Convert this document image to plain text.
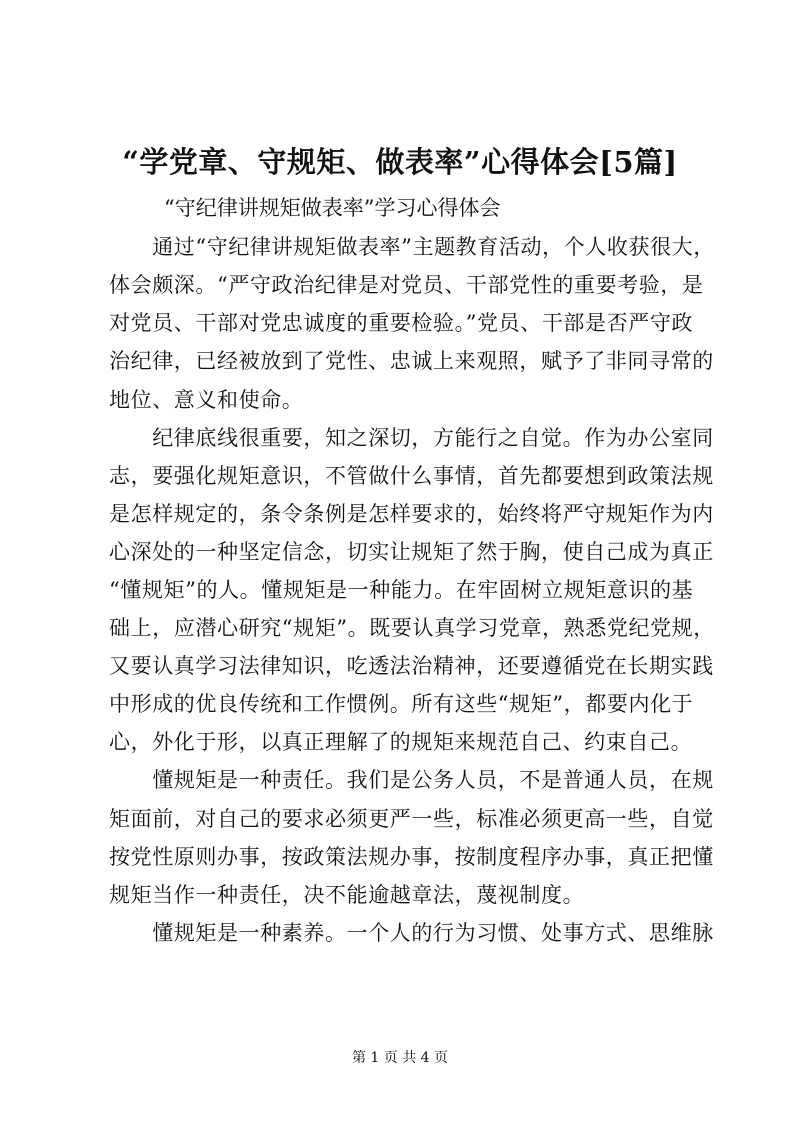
“学党章、守规矩、做表率”心得体会[5篇]
“守纪律讲规矩做表率”学习心得体会
　　通过“守纪律讲规矩做表率”主题教育活动，个人收获很大，
体会颇深。“严守政治纪律是对党员、干部党性的重要考验，是
对党员、干部对党忠诚度的重要检验。”党员、干部是否严守政
治纪律，已经被放到了党性、忠诚上来观照，赋予了非同寻常的
地位、意义和使命。
　　纪律底线很重要，知之深切，方能行之自觉。作为办公室同
志，要强化规矩意识，不管做什么事情，首先都要想到政策法规
是怎样规定的，条令条例是怎样要求的，始终将严守规矩作为内
心深处的一种坚定信念，切实让规矩了然于胸，使自己成为真正
“懂规矩”的人。懂规矩是一种能力。在牢固树立规矩意识的基
础上，应潜心研究“规矩”。既要认真学习党章，熟悉党纪党规，
又要认真学习法律知识，吃透法治精神，还要遵循党在长期实践
中形成的优良传统和工作惯例。所有这些“规矩”，都要内化于
心，外化于形，以真正理解了的规矩来规范自己、约束自己。
　　懂规矩是一种责任。我们是公务人员，不是普通人员，在规
矩面前，对自己的要求必须更严一些，标准必须更高一些，自觉
按党性原则办事，按政策法规办事，按制度程序办事，真正把懂
规矩当作一种责任，决不能逾越章法，蔑视制度。
　　懂规矩是一种素养。一个人的行为习惯、处事方式、思维脉
第 1 页 共 4 页
